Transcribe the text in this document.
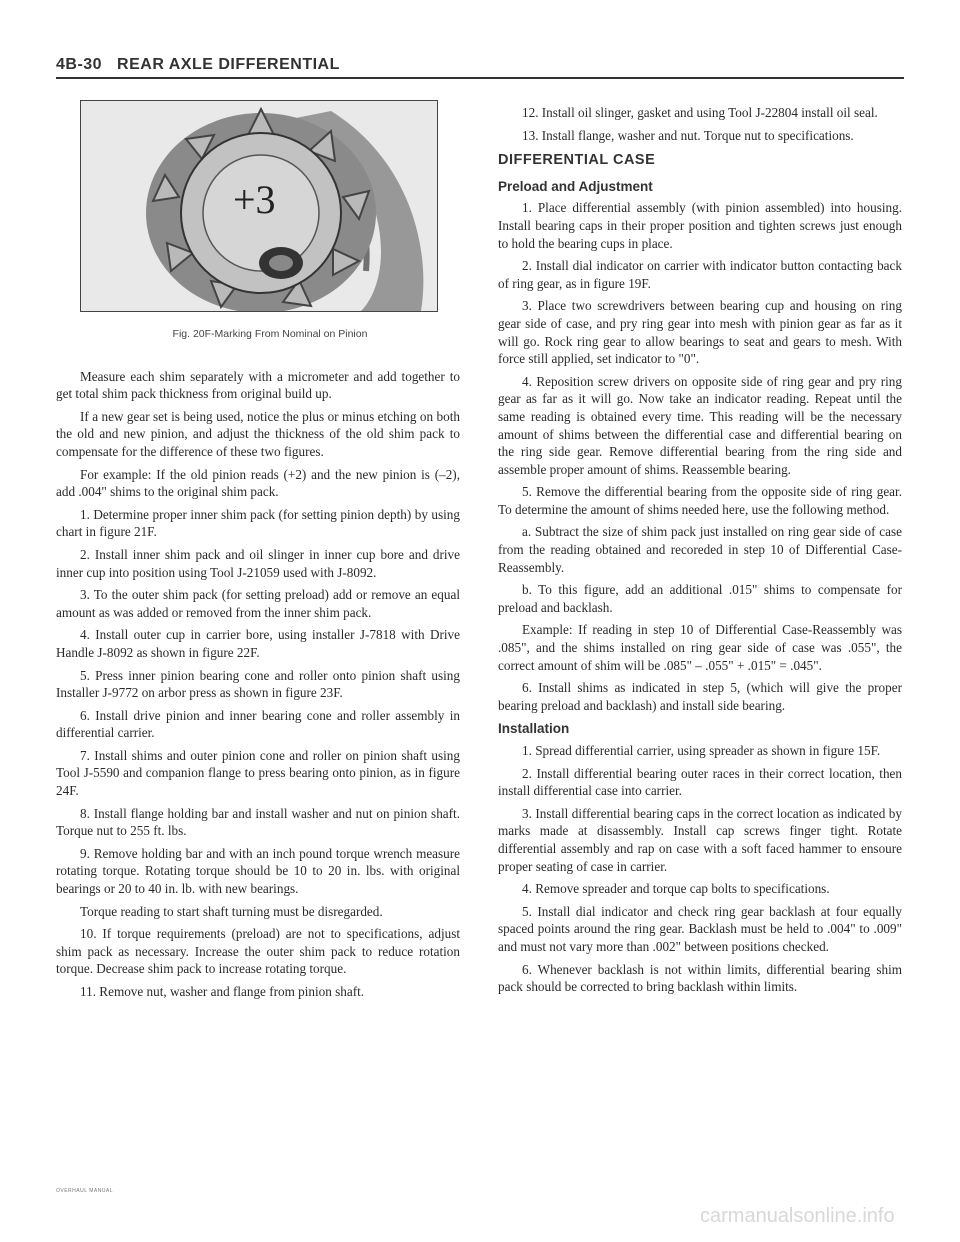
4B-30 REAR AXLE DIFFERENTIAL
+3
Fig. 20F-Marking From Nominal on Pinion

Measure each shim separately with a micrometer and add together to get total shim pack thickness from original build up.

If a new gear set is being used, notice the plus or minus etching on both the old and new pinion, and adjust the thickness of the old shim pack to compensate for the difference of these two figures.

For example: If the old pinion reads (+2) and the new pinion is (–2), add .004" shims to the original shim pack.

1. Determine proper inner shim pack (for setting pinion depth) by using chart in figure 21F.

2. Install inner shim pack and oil slinger in inner cup bore and drive inner cup into position using Tool J-21059 used with J-8092.

3. To the outer shim pack (for setting preload) add or remove an equal amount as was added or removed from the inner shim pack.

4. Install outer cup in carrier bore, using installer J-7818 with Drive Handle J-8092 as shown in figure 22F.

5. Press inner pinion bearing cone and roller onto pinion shaft using Installer J-9772 on arbor press as shown in figure 23F.

6. Install drive pinion and inner bearing cone and roller assembly in differential carrier.

7. Install shims and outer pinion cone and roller on pinion shaft using Tool J-5590 and companion flange to press bearing onto pinion, as in figure 24F.

8. Install flange holding bar and install washer and nut on pinion shaft. Torque nut to 255 ft. lbs.

9. Remove holding bar and with an inch pound torque wrench measure rotating torque. Rotating torque should be 10 to 20 in. lbs. with original bearings or 20 to 40 in. lb. with new bearings.

Torque reading to start shaft turning must be disregarded.

10. If torque requirements (preload) are not to specifications, adjust shim pack as necessary. Increase the outer shim pack to reduce rotation torque. Decrease shim pack to increase rotating torque.

11. Remove nut, washer and flange from pinion shaft.

12. Install oil slinger, gasket and using Tool J-22804 install oil seal.

13. Install flange, washer and nut. Torque nut to specifications.

DIFFERENTIAL CASE
Preload and Adjustment

1. Place differential assembly (with pinion assembled) into housing. Install bearing caps in their proper position and tighten screws just enough to hold the bearing cups in place.

2. Install dial indicator on carrier with indicator button contacting back of ring gear, as in figure 19F.

3. Place two screwdrivers between bearing cup and housing on ring gear side of case, and pry ring gear into mesh with pinion gear as far as it will go. Rock ring gear to allow bearings to seat and gears to mesh. With force still applied, set indicator to "0".

4. Reposition screw drivers on opposite side of ring gear and pry ring gear as far as it will go. Now take an indicator reading. Repeat until the same reading is obtained every time. This reading will be the necessary amount of shims between the differential case and differential bearing on the ring side gear. Remove differential bearing from the ring side and assemble proper amount of shims. Reassemble bearing.

5. Remove the differential bearing from the opposite side of ring gear. To determine the amount of shims needed here, use the following method.

a. Subtract the size of shim pack just installed on ring gear side of case from the reading obtained and recoreded in step 10 of Differential Case-Reassembly.

b. To this figure, add an additional .015" shims to compensate for preload and backlash.

Example: If reading in step 10 of Differential Case-Reassembly was .085", and the shims installed on ring gear side of case was .055", the correct amount of shim will be .085" – .055" + .015" = .045".

6. Install shims as indicated in step 5, (which will give the proper bearing preload and backlash) and install side bearing.

Installation

1. Spread differential carrier, using spreader as shown in figure 15F.

2. Install differential bearing outer races in their correct location, then install differential case into carrier.

3. Install differential bearing caps in the correct location as indicated by marks made at disassembly. Install cap screws finger tight. Rotate differential assembly and rap on case with a soft faced hammer to ensoure proper seating of case in carrier.

4. Remove spreader and torque cap bolts to specifications.

5. Install dial indicator and check ring gear backlash at four equally spaced points around the ring gear. Backlash must be held to .004" to .009" and must not vary more than .002" between positions checked.

6. Whenever backlash is not within limits, differential bearing shim pack should be corrected to bring backlash within limits.

OVERHAUL MANUAL
carmanualsonline.info
